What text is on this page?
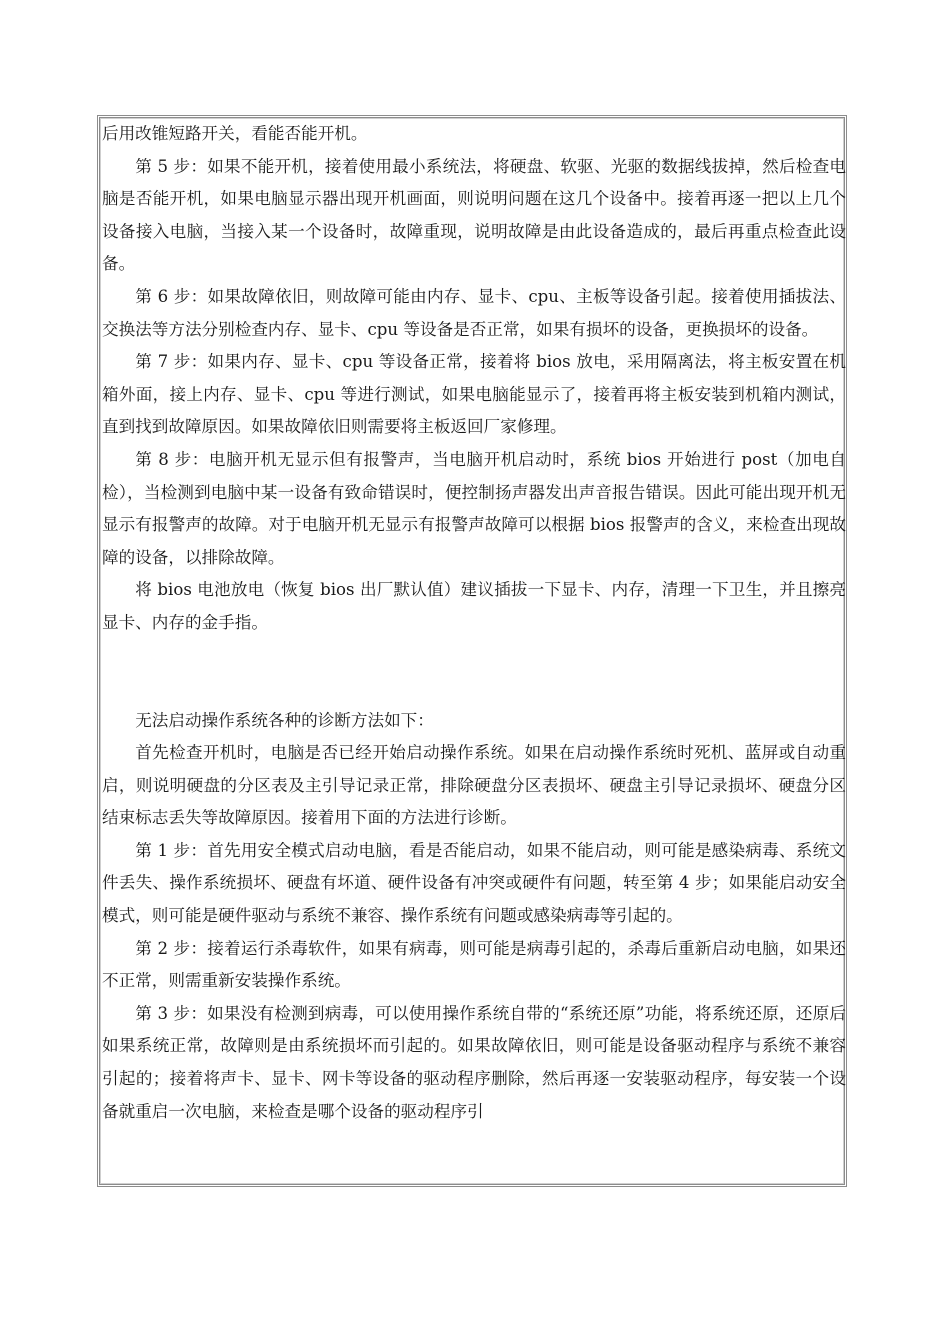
后用改锥短路开关，看能否能开机。

第 5 步：如果不能开机，接着使用最小系统法，将硬盘、软驱、光驱的数据线拔掉，然后检查电脑是否能开机，如果电脑显示器出现开机画面，则说明问题在这几个设备中。接着再逐一把以上几个设备接入电脑，当接入某一个设备时，故障重现，说明故障是由此设备造成的，最后再重点检查此设备。

第 6 步：如果故障依旧，则故障可能由内存、显卡、cpu、主板等设备引起。接着使用插拔法、交换法等方法分别检查内存、显卡、cpu 等设备是否正常，如果有损坏的设备，更换损坏的设备。

第 7 步：如果内存、显卡、cpu 等设备正常，接着将 bios 放电，采用隔离法，将主板安置在机箱外面，接上内存、显卡、cpu 等进行测试，如果电脑能显示了，接着再将主板安装到机箱内测试，直到找到故障原因。如果故障依旧则需要将主板返回厂家修理。

第 8 步：电脑开机无显示但有报警声，当电脑开机启动时，系统 bios 开始进行 post（加电自检），当检测到电脑中某一设备有致命错误时，便控制扬声器发出声音报告错误。因此可能出现开机无显示有报警声的故障。对于电脑开机无显示有报警声故障可以根据 bios 报警声的含义，来检查出现故障的设备，以排除故障。

将 bios 电池放电（恢复 bios 出厂默认值）建议插拔一下显卡、内存，清理一下卫生，并且擦亮显卡、内存的金手指。

无法启动操作系统各种的诊断方法如下：

首先检查开机时，电脑是否已经开始启动操作系统。如果在启动操作系统时死机、蓝屏或自动重启，则说明硬盘的分区表及主引导记录正常，排除硬盘分区表损坏、硬盘主引导记录损坏、硬盘分区结束标志丢失等故障原因。接着用下面的方法进行诊断。

第 1 步：首先用安全模式启动电脑，看是否能启动，如果不能启动，则可能是感染病毒、系统文件丢失、操作系统损坏、硬盘有坏道、硬件设备有冲突或硬件有问题，转至第 4 步；如果能启动安全模式，则可能是硬件驱动与系统不兼容、操作系统有问题或感染病毒等引起的。

第 2 步：接着运行杀毒软件，如果有病毒，则可能是病毒引起的，杀毒后重新启动电脑，如果还不正常，则需重新安装操作系统。

第 3 步：如果没有检测到病毒，可以使用操作系统自带的“系统还原”功能，将系统还原，还原后如果系统正常，故障则是由系统损坏而引起的。如果故障依旧，则可能是设备驱动程序与系统不兼容引起的；接着将声卡、显卡、网卡等设备的驱动程序删除，然后再逐一安装驱动程序，每安装一个设备就重启一次电脑，来检查是哪个设备的驱动程序引
